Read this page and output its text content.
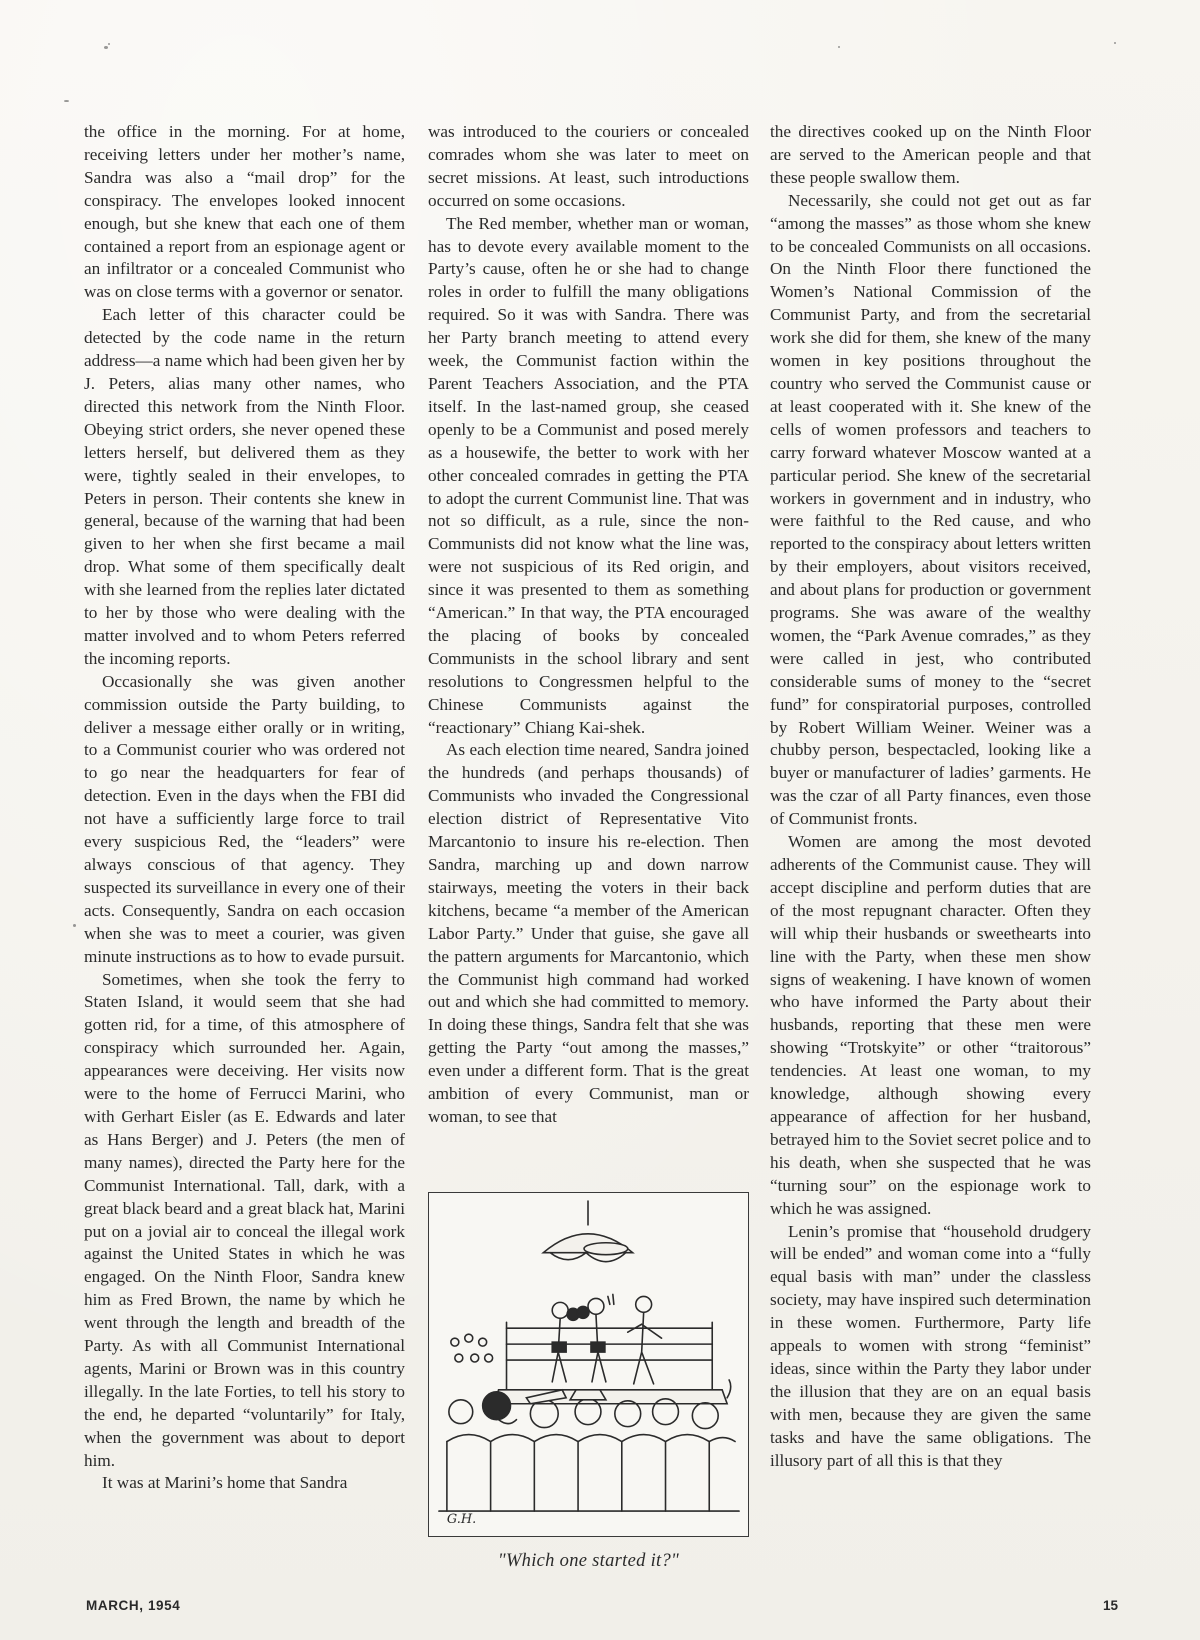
the office in the morning. For at home, receiving letters under her mother’s name, Sandra was also a “mail drop” for the conspiracy. The envelopes looked innocent enough, but she knew that each one of them contained a report from an espionage agent or an infiltrator or a concealed Communist who was on close terms with a governor or senator.

Each letter of this character could be detected by the code name in the return address—a name which had been given her by J. Peters, alias many other names, who directed this network from the Ninth Floor. Obeying strict orders, she never opened these letters herself, but delivered them as they were, tightly sealed in their envelopes, to Peters in person. Their contents she knew in general, because of the warning that had been given to her when she first became a mail drop. What some of them specifically dealt with she learned from the replies later dictated to her by those who were dealing with the matter involved and to whom Peters referred the incoming reports.

Occasionally she was given another commission outside the Party building, to deliver a message either orally or in writing, to a Communist courier who was ordered not to go near the headquarters for fear of detection. Even in the days when the FBI did not have a sufficiently large force to trail every suspicious Red, the “leaders” were always conscious of that agency. They suspected its surveillance in every one of their acts. Consequently, Sandra on each occasion when she was to meet a courier, was given minute instructions as to how to evade pursuit.

Sometimes, when she took the ferry to Staten Island, it would seem that she had gotten rid, for a time, of this atmosphere of conspiracy which surrounded her. Again, appearances were deceiving. Her visits now were to the home of Ferrucci Marini, who with Gerhart Eisler (as E. Edwards and later as Hans Berger) and J. Peters (the men of many names), directed the Party here for the Communist International. Tall, dark, with a great black beard and a great black hat, Marini put on a jovial air to conceal the illegal work against the United States in which he was engaged. On the Ninth Floor, Sandra knew him as Fred Brown, the name by which he went through the length and breadth of the Party. As with all Communist International agents, Marini or Brown was in this country illegally. In the late Forties, to tell his story to the end, he departed “voluntarily” for Italy, when the government was about to deport him.

It was at Marini’s home that Sandra

was introduced to the couriers or concealed comrades whom she was later to meet on secret missions. At least, such introductions occurred on some occasions.

The Red member, whether man or woman, has to devote every available moment to the Party’s cause, often he or she had to change roles in order to fulfill the many obligations required. So it was with Sandra. There was her Party branch meeting to attend every week, the Communist faction within the Parent Teachers Association, and the PTA itself. In the last-named group, she ceased openly to be a Communist and posed merely as a housewife, the better to work with her other concealed comrades in getting the PTA to adopt the current Communist line. That was not so difficult, as a rule, since the non-Communists did not know what the line was, were not suspicious of its Red origin, and since it was presented to them as something “American.” In that way, the PTA encouraged the placing of books by concealed Communists in the school library and sent resolutions to Congressmen helpful to the Chinese Communists against the “reactionary” Chiang Kai-shek.

As each election time neared, Sandra joined the hundreds (and perhaps thousands) of Communists who invaded the Congressional election district of Representative Vito Marcantonio to insure his re-election. Then Sandra, marching up and down narrow stairways, meeting the voters in their back kitchens, became “a member of the American Labor Party.” Under that guise, she gave all the pattern arguments for Marcantonio, which the Communist high command had worked out and which she had committed to memory. In doing these things, Sandra felt that she was getting the Party “out among the masses,” even under a different form. That is the great ambition of every Communist, man or woman, to see that

the directives cooked up on the Ninth Floor are served to the American people and that these people swallow them.

Necessarily, she could not get out as far “among the masses” as those whom she knew to be concealed Communists on all occasions. On the Ninth Floor there functioned the Women’s National Commission of the Communist Party, and from the secretarial work she did for them, she knew of the many women in key positions throughout the country who served the Communist cause or at least cooperated with it. She knew of the cells of women professors and teachers to carry forward whatever Moscow wanted at a particular period. She knew of the secretarial workers in government and in industry, who were faithful to the Red cause, and who reported to the conspiracy about letters written by their employers, about visitors received, and about plans for production or government programs. She was aware of the wealthy women, the “Park Avenue comrades,” as they were called in jest, who contributed considerable sums of money to the “secret fund” for conspiratorial purposes, controlled by Robert William Weiner. Weiner was a chubby person, bespectacled, looking like a buyer or manufacturer of ladies’ garments. He was the czar of all Party finances, even those of Communist fronts.

Women are among the most devoted adherents of the Communist cause. They will accept discipline and perform duties that are of the most repugnant character. Often they will whip their husbands or sweethearts into line with the Party, when these men show signs of weakening. I have known of women who have informed the Party about their husbands, reporting that these men were showing “Trotskyite” or other “traitorous” tendencies. At least one woman, to my knowledge, although showing every appearance of affection for her husband, betrayed him to the Soviet secret police and to his death, when she suspected that he was “turning sour” on the espionage work to which he was assigned.

Lenin’s promise that “household drudgery will be ended” and woman come into a “fully equal basis with man” under the classless society, may have inspired such determination in these women. Furthermore, Party life appeals to women with strong “feminist” ideas, since within the Party they labor under the illusion that they are on an equal basis with men, because they are given the same tasks and have the same obligations. The illusory part of all this is that they

G.H.
"Which one started it?"
MARCH, 1954	15
